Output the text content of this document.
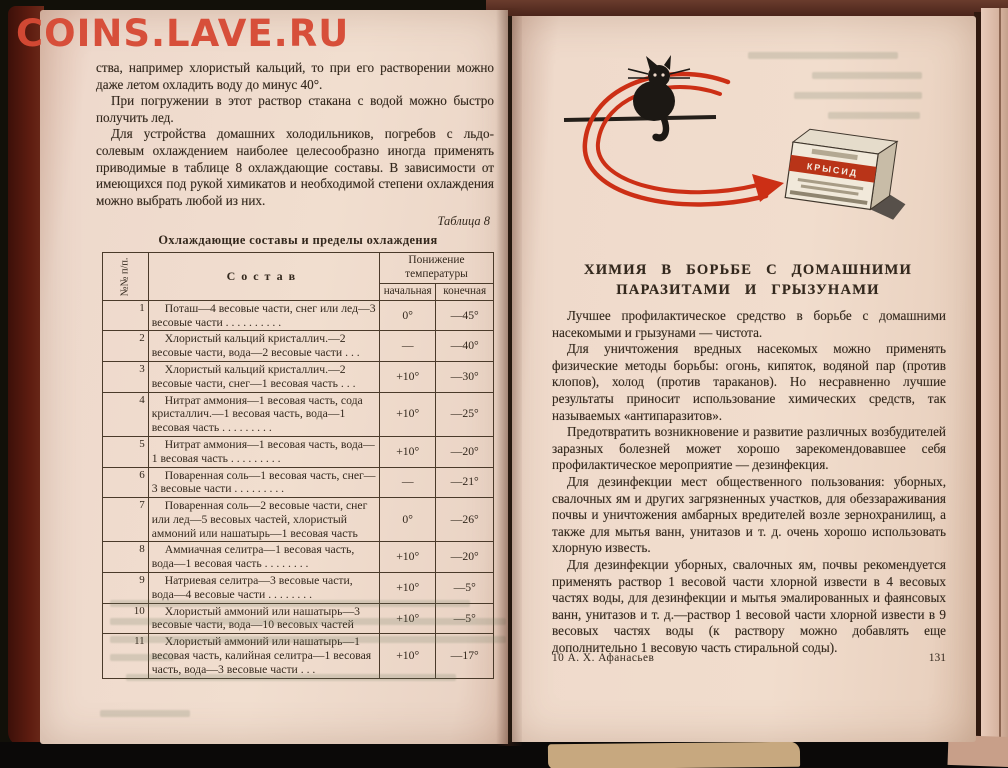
ства, например хлористый кальций, то при его растворении можно даже летом охладить воду до минус 40°.

При погружении в этот раствор стакана с водой можно быстро получить лед.

Для устройства домашних холодильников, погребов с льдо-солевым охлаждением наиболее целесообразно иногда применять приводимые в таблице 8 охлаждающие составы. В зависимости от имеющихся под рукой химикатов и необходимой степени охлаждения можно выбрать любой из них.

Таблица 8
Охлаждающие составы и пределы охлаждения
№№ п/п.	Состав	Понижение температуры	
		начальная	конечная
1	Поташ—4 весовые части, снег или лед—3 весовые части . . . . . . . . . .	0°	—45°
2	Хлористый кальций кристаллич.—2 весовые части, вода—2 весовые части . . .	—	—40°
3	Хлористый кальций кристаллич.—2 весовые части, снег—1 весовая часть . . .	+10°	—30°
4	Нитрат аммония—1 весовая часть, сода кристаллич.—1 весовая часть, вода—1 весовая часть . . . . . . . . .	+10°	—25°
5	Нитрат аммония—1 весовая часть, вода—1 весовая часть . . . . . . . . .	+10°	—20°
6	Поваренная соль—1 весовая часть, снег—3 весовые части . . . . . . . . .	—	—21°
7	Поваренная соль—2 весовые части, снег или лед—5 весовых частей, хлористый аммоний или нашатырь—1 весовая часть	0°	—26°
8	Аммиачная селитра—1 весовая часть, вода—1 весовая часть . . . . . . . .	+10°	—20°
9	Натриевая селитра—3 весовые части, вода—4 весовые части . . . . . . . .	+10°	—5°
10	Хлористый аммоний или нашатырь—3 весовые части, вода—10 весовых частей	+10°	—5°
11	Хлористый аммоний или нашатырь—1 весовая часть, калийная селитра—1 весовая часть, вода—3 весовые части . . .	+10°	—17°
КРЫСИД
ХИМИЯ В БОРЬБЕ С ДОМАШНИМИ
ПАРАЗИТАМИ И ГРЫЗУНАМИ

Лучшее профилактическое средство в борьбе с домашними насекомыми и грызунами — чистота.

Для уничтожения вредных насекомых можно применять физические методы борьбы: огонь, кипяток, водяной пар (против клопов), холод (против тараканов). Но несравненно лучшие результаты приносит использование химических средств, так называемых «антипаразитов».

Предотвратить возникновение и развитие различных возбудителей заразных болезней может хорошо зарекомендовавшее себя профилактическое мероприятие — дезинфекция.

Для дезинфекции мест общественного пользования: уборных, свалочных ям и других загрязненных участков, для обеззараживания почвы и уничтожения амбарных вредителей возле зернохранилищ, а также для мытья ванн, унитазов и т. д. очень хорошо использовать хлорную известь.

Для дезинфекции уборных, свалочных ям, почвы рекомендуется применять раствор 1 весовой части хлорной извести в 4 весовых частях воды, для дезинфекции и мытья эмалированных и фаянсовых ванн, унитазов и т. д.—раствор 1 весовой части хлорной извести в 9 весовых частях воды (к раствору можно добавлять еще дополнительно 1 весовую часть стиральной соды).

10 А. Х. Афанасьев	131
COINS.LAVE.RU
